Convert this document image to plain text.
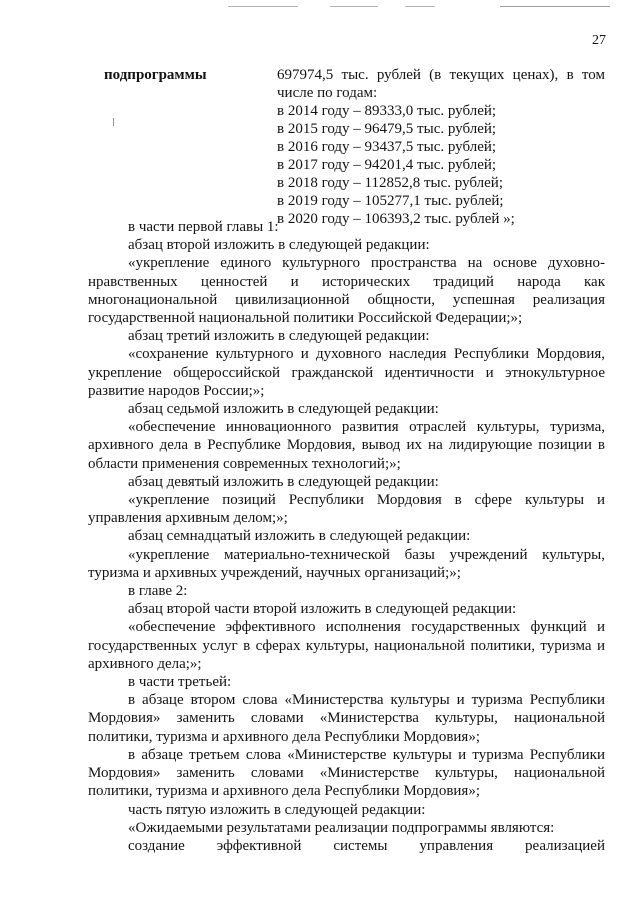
27
подпрограммы	697974,5 тыс. рублей (в текущих ценах), в том
числе по годам:
в 2014 году – 89333,0 тыс. рублей;
в 2015 году – 96479,5 тыс. рублей;
в 2016 году – 93437,5 тыс. рублей;
в 2017 году – 94201,4 тыс. рублей;
в 2018 году – 112852,8 тыс. рублей;
в 2019 году – 105277,1 тыс. рублей;
в 2020 году – 106393,2 тыс. рублей »;
в части первой главы 1:
абзац второй изложить в следующей редакции:
«укрепление единого культурного пространства на основе духовно-
нравственных ценностей и исторических традиций народа как
многонациональной цивилизационной общности, успешная реализация
государственной национальной политики Российской Федерации;»;
абзац третий изложить в следующей редакции:
«сохранение культурного и духовного наследия Республики Мордовия,
укрепление общероссийской гражданской идентичности и этнокультурное
развитие народов России;»;
абзац седьмой изложить в следующей редакции:
«обеспечение инновационного развития отраслей культуры, туризма,
архивного дела в Республике Мордовия, вывод их на лидирующие позиции в
области применения современных технологий;»;
абзац девятый изложить в следующей редакции:
«укрепление позиций Республики Мордовия в сфере культуры и
управления архивным делом;»;
абзац семнадцатый изложить в следующей редакции:
«укрепление материально-технической базы учреждений культуры,
туризма и архивных учреждений, научных организаций;»;
в главе 2:
абзац второй части второй изложить в следующей редакции:
«обеспечение эффективного исполнения государственных функций и
государственных услуг в сферах культуры, национальной политики, туризма и
архивного дела;»;
в части третьей:
в абзаце втором слова «Министерства культуры и туризма Республики
Мордовия» заменить словами «Министерства культуры, национальной
политики, туризма и архивного дела Республики Мордовия»;
в абзаце третьем слова «Министерстве культуры и туризма Республики
Мордовия» заменить словами «Министерстве культуры, национальной
политики, туризма и архивного дела Республики Мордовия»;
часть пятую изложить в следующей редакции:
«Ожидаемыми результатами реализации подпрограммы являются:
создание эффективной системы управления реализацией
